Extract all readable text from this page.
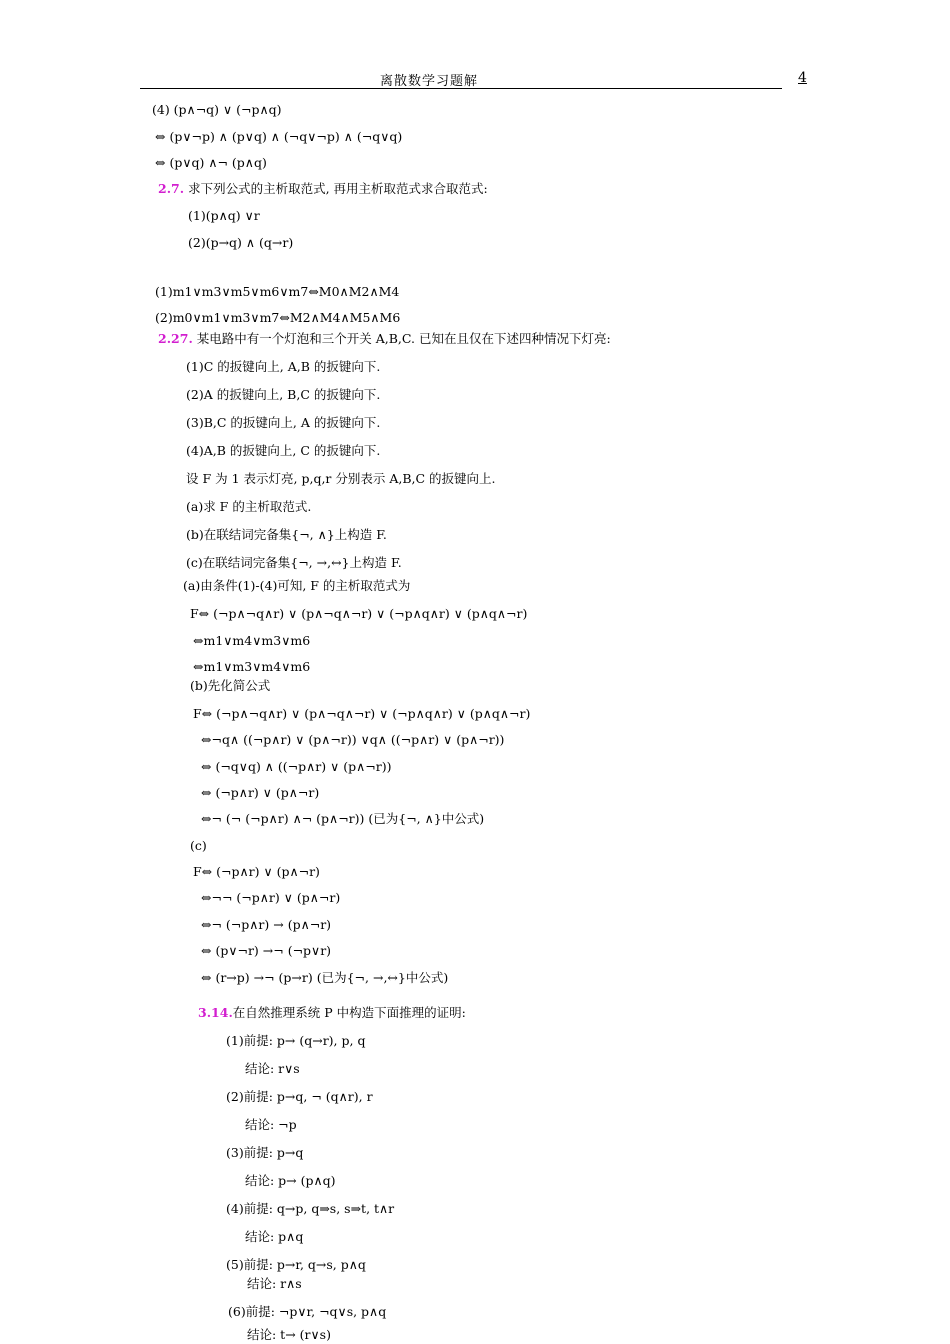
离散数学习题解	4
(4) (p∧¬q) ∨ (¬p∧q)
⇔ (p∨¬p) ∧ (p∨q) ∧ (¬q∨¬p) ∧ (¬q∨q)
⇔ (p∨q) ∧¬ (p∧q)
2.7. 求下列公式的主析取范式, 再用主析取范式求合取范式:
(1)(p∧q) ∨r
(2)(p→q) ∧ (q→r)
(1)m1∨m3∨m5∨m6∨m7⇔M0∧M2∧M4
(2)m0∨m1∨m3∨m7⇔M2∧M4∧M5∧M6
2.27. 某电路中有一个灯泡和三个开关 A,B,C. 已知在且仅在下述四种情况下灯亮:
(1)C 的扳键向上, A,B 的扳键向下.
(2)A 的扳键向上, B,C 的扳键向下.
(3)B,C 的扳键向上, A 的扳键向下.
(4)A,B 的扳键向上, C 的扳键向下.
设 F 为 1 表示灯亮, p,q,r 分别表示 A,B,C 的扳键向上.
(a)求 F 的主析取范式.
(b)在联结词完备集{¬, ∧}上构造 F.
(c)在联结词完备集{¬, →,↔}上构造 F.
(a)由条件(1)-(4)可知, F 的主析取范式为
F⇔ (¬p∧¬q∧r) ∨ (p∧¬q∧¬r) ∨ (¬p∧q∧r) ∨ (p∧q∧¬r)
⇔m1∨m4∨m3∨m6
⇔m1∨m3∨m4∨m6
(b)先化简公式
F⇔ (¬p∧¬q∧r) ∨ (p∧¬q∧¬r) ∨ (¬p∧q∧r) ∨ (p∧q∧¬r)
⇔¬q∧ ((¬p∧r) ∨ (p∧¬r)) ∨q∧ ((¬p∧r) ∨ (p∧¬r))
⇔ (¬q∨q) ∧ ((¬p∧r) ∨ (p∧¬r))
⇔ (¬p∧r) ∨ (p∧¬r)
⇔¬ (¬ (¬p∧r) ∧¬ (p∧¬r)) (已为{¬, ∧}中公式)
(c)
F⇔ (¬p∧r) ∨ (p∧¬r)
⇔¬¬ (¬p∧r) ∨ (p∧¬r)
⇔¬ (¬p∧r) → (p∧¬r)
⇔ (p∨¬r) →¬ (¬p∨r)
⇔ (r→p) →¬ (p→r) (已为{¬, →,↔}中公式)
3.14.在自然推理系统 P 中构造下面推理的证明:
(1)前提: p→ (q→r), p, q
结论: r∨s
(2)前提: p→q, ¬ (q∧r), r
结论: ¬p
(3)前提: p→q
结论: p→ (p∧q)
(4)前提: q→p, q⇒s, s⇒t, t∧r
结论: p∧q
(5)前提: p→r, q→s, p∧q
结论: r∧s
(6)前提: ¬p∨r, ¬q∨s, p∧q
结论: t→ (r∨s)
